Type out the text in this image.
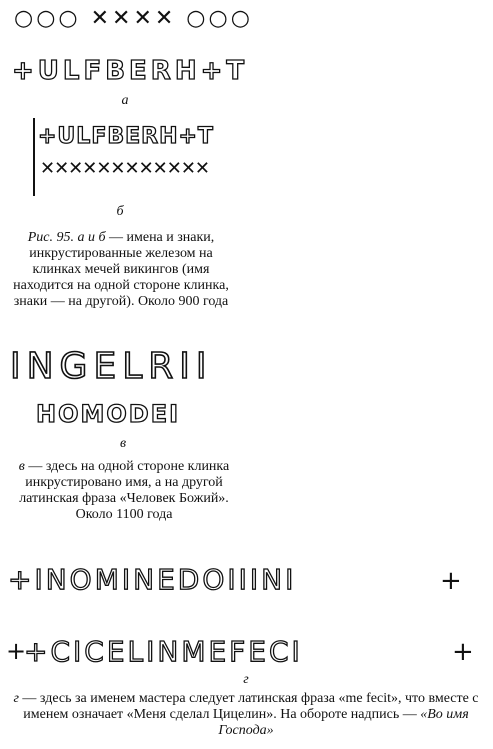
○○○ ✕✕✕✕ ○○○
+ULFBERH+T
а
+ULFBERH+T
✕✕✕✕✕✕✕✕✕✕✕✕
б
Рис. 95. а и б — имена и знаки, инкрустированные железом на клинках мечей викингов (имя находится на одной стороне клинка, знаки — на другой). Около 900 года
INGELRII
HOMODEI
в
в — здесь на одной стороне клинка инкрустировано имя, а на другой латинская фраза «Человек Божий». Около 1100 года
+INOMINEDOIIINI	+
+CICELINMEFECI
+	+
г
г — здесь за именем мастера следует латинская фраза «me fecit», что вместе с именем означает «Меня сделал Цицелин». На обороте надпись — «Во имя Господа»
